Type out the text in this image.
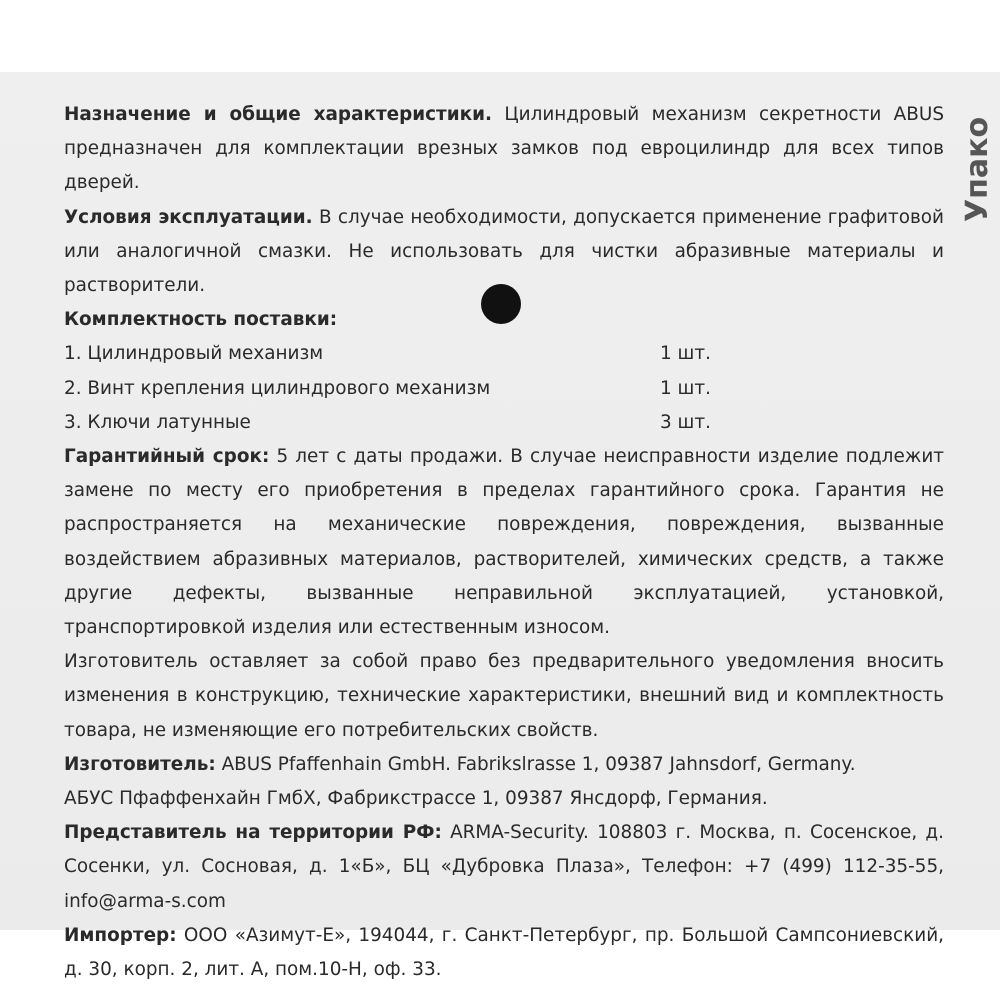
Упако

Назначение и общие характеристики. Цилиндровый механизм секретности ABUS предназначен для комплектации врезных замков под евроцилиндр для всех типов дверей.

Условия эксплуатации. В случае необходимости, допускается применение графитовой или аналогичной смазки. Не использовать для чистки абразивные материалы и растворители.

Комплектность поставки:

1. Цилиндровый механизм	1 шт.
2. Винт крепления цилиндрового механизм	1 шт.
3. Ключи латунные	3 шт.

Гарантийный срок: 5 лет с даты продажи. В случае неисправности изделие подлежит замене по месту его приобретения в пределах гарантийного срока. Гарантия не распространяется на механические повреждения, повреждения, вызванные воздействием абразивных материалов, растворителей, химических средств, а также другие дефекты, вызванные неправильной эксплуатацией, установкой, транспортировкой изделия или естественным износом.

Изготовитель оставляет за собой право без предварительного уведомления вносить изменения в конструкцию, технические характеристики, внешний вид и комплектность товара, не изменяющие его потребительских свойств.

Изготовитель: ABUS Pfaffenhain GmbH. Fabrikslrasse 1, 09387 Jahnsdorf, Germany.

АБУС Пфаффенхайн ГмбХ, Фабрикстрассе 1, 09387 Янсдорф, Германия.

Представитель на территории РФ: ARMA-Security. 108803 г. Москва, п. Сосенское, д. Сосенки, ул. Сосновая, д. 1«Б», БЦ «Дубровка Плаза», Телефон: +7 (499) 112-35-55, info@arma-s.com

Импортер: ООО «Азимут-Е», 194044, г. Санкт-Петербург, пр. Большой Сампсониевский, д. 30, корп. 2, лит. А, пом.10-Н, оф. 33.
